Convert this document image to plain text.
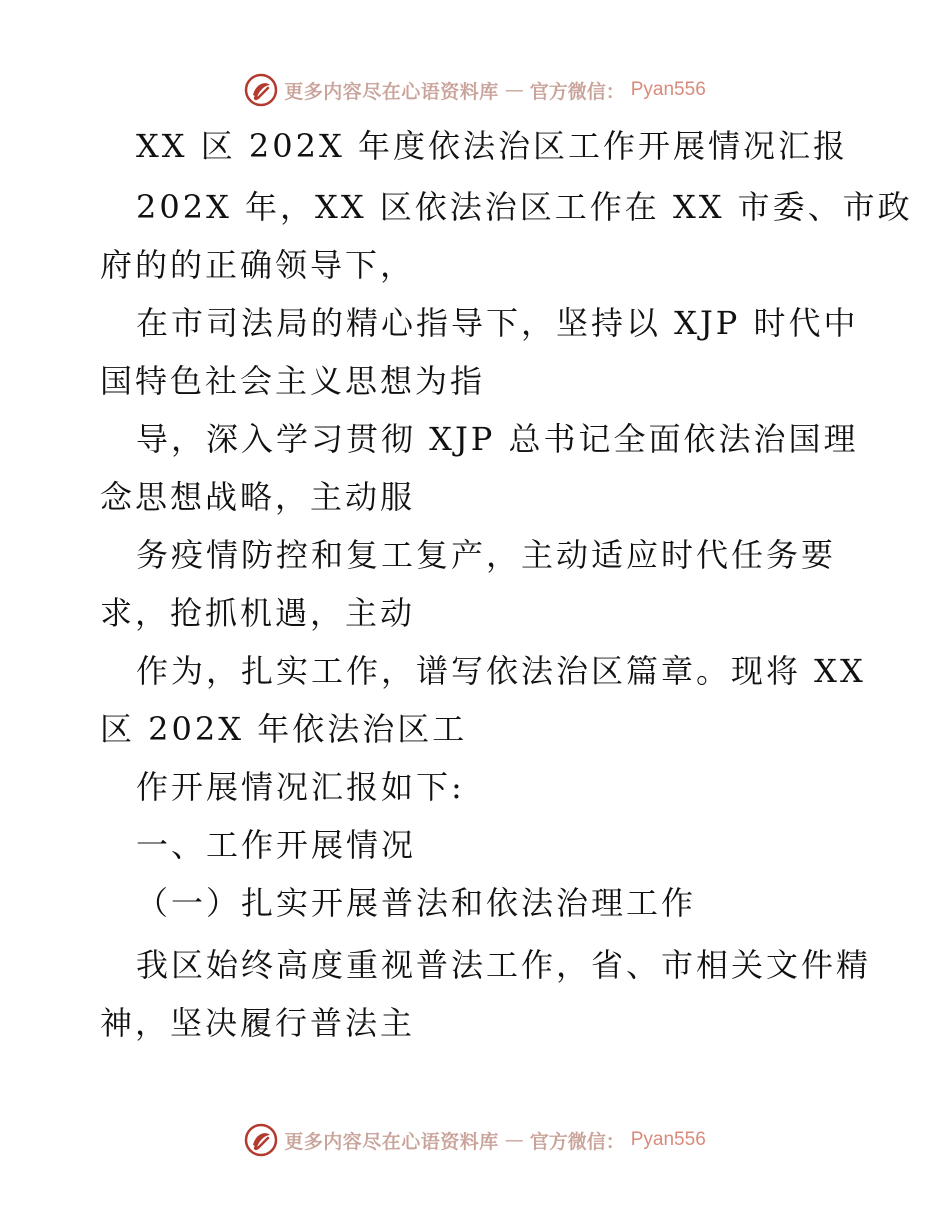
更多内容尽在心语资料库 — 官方微信： Pyan556
XX 区 202X 年度依法治区工作开展情况汇报
202X 年，XX 区依法治区工作在 XX 市委、市政
府的的正确领导下，
在市司法局的精心指导下，坚持以 XJP 时代中
国特色社会主义思想为指
导，深入学习贯彻 XJP 总书记全面依法治国理
念思想战略，主动服
务疫情防控和复工复产，主动适应时代任务要
求，抢抓机遇，主动
作为，扎实工作，谱写依法治区篇章。现将 XX
区 202X 年依法治区工
作开展情况汇报如下:
一、工作开展情况
（一）扎实开展普法和依法治理工作
我区始终高度重视普法工作，省、市相关文件精
神，坚决履行普法主
更多内容尽在心语资料库 — 官方微信： Pyan556
